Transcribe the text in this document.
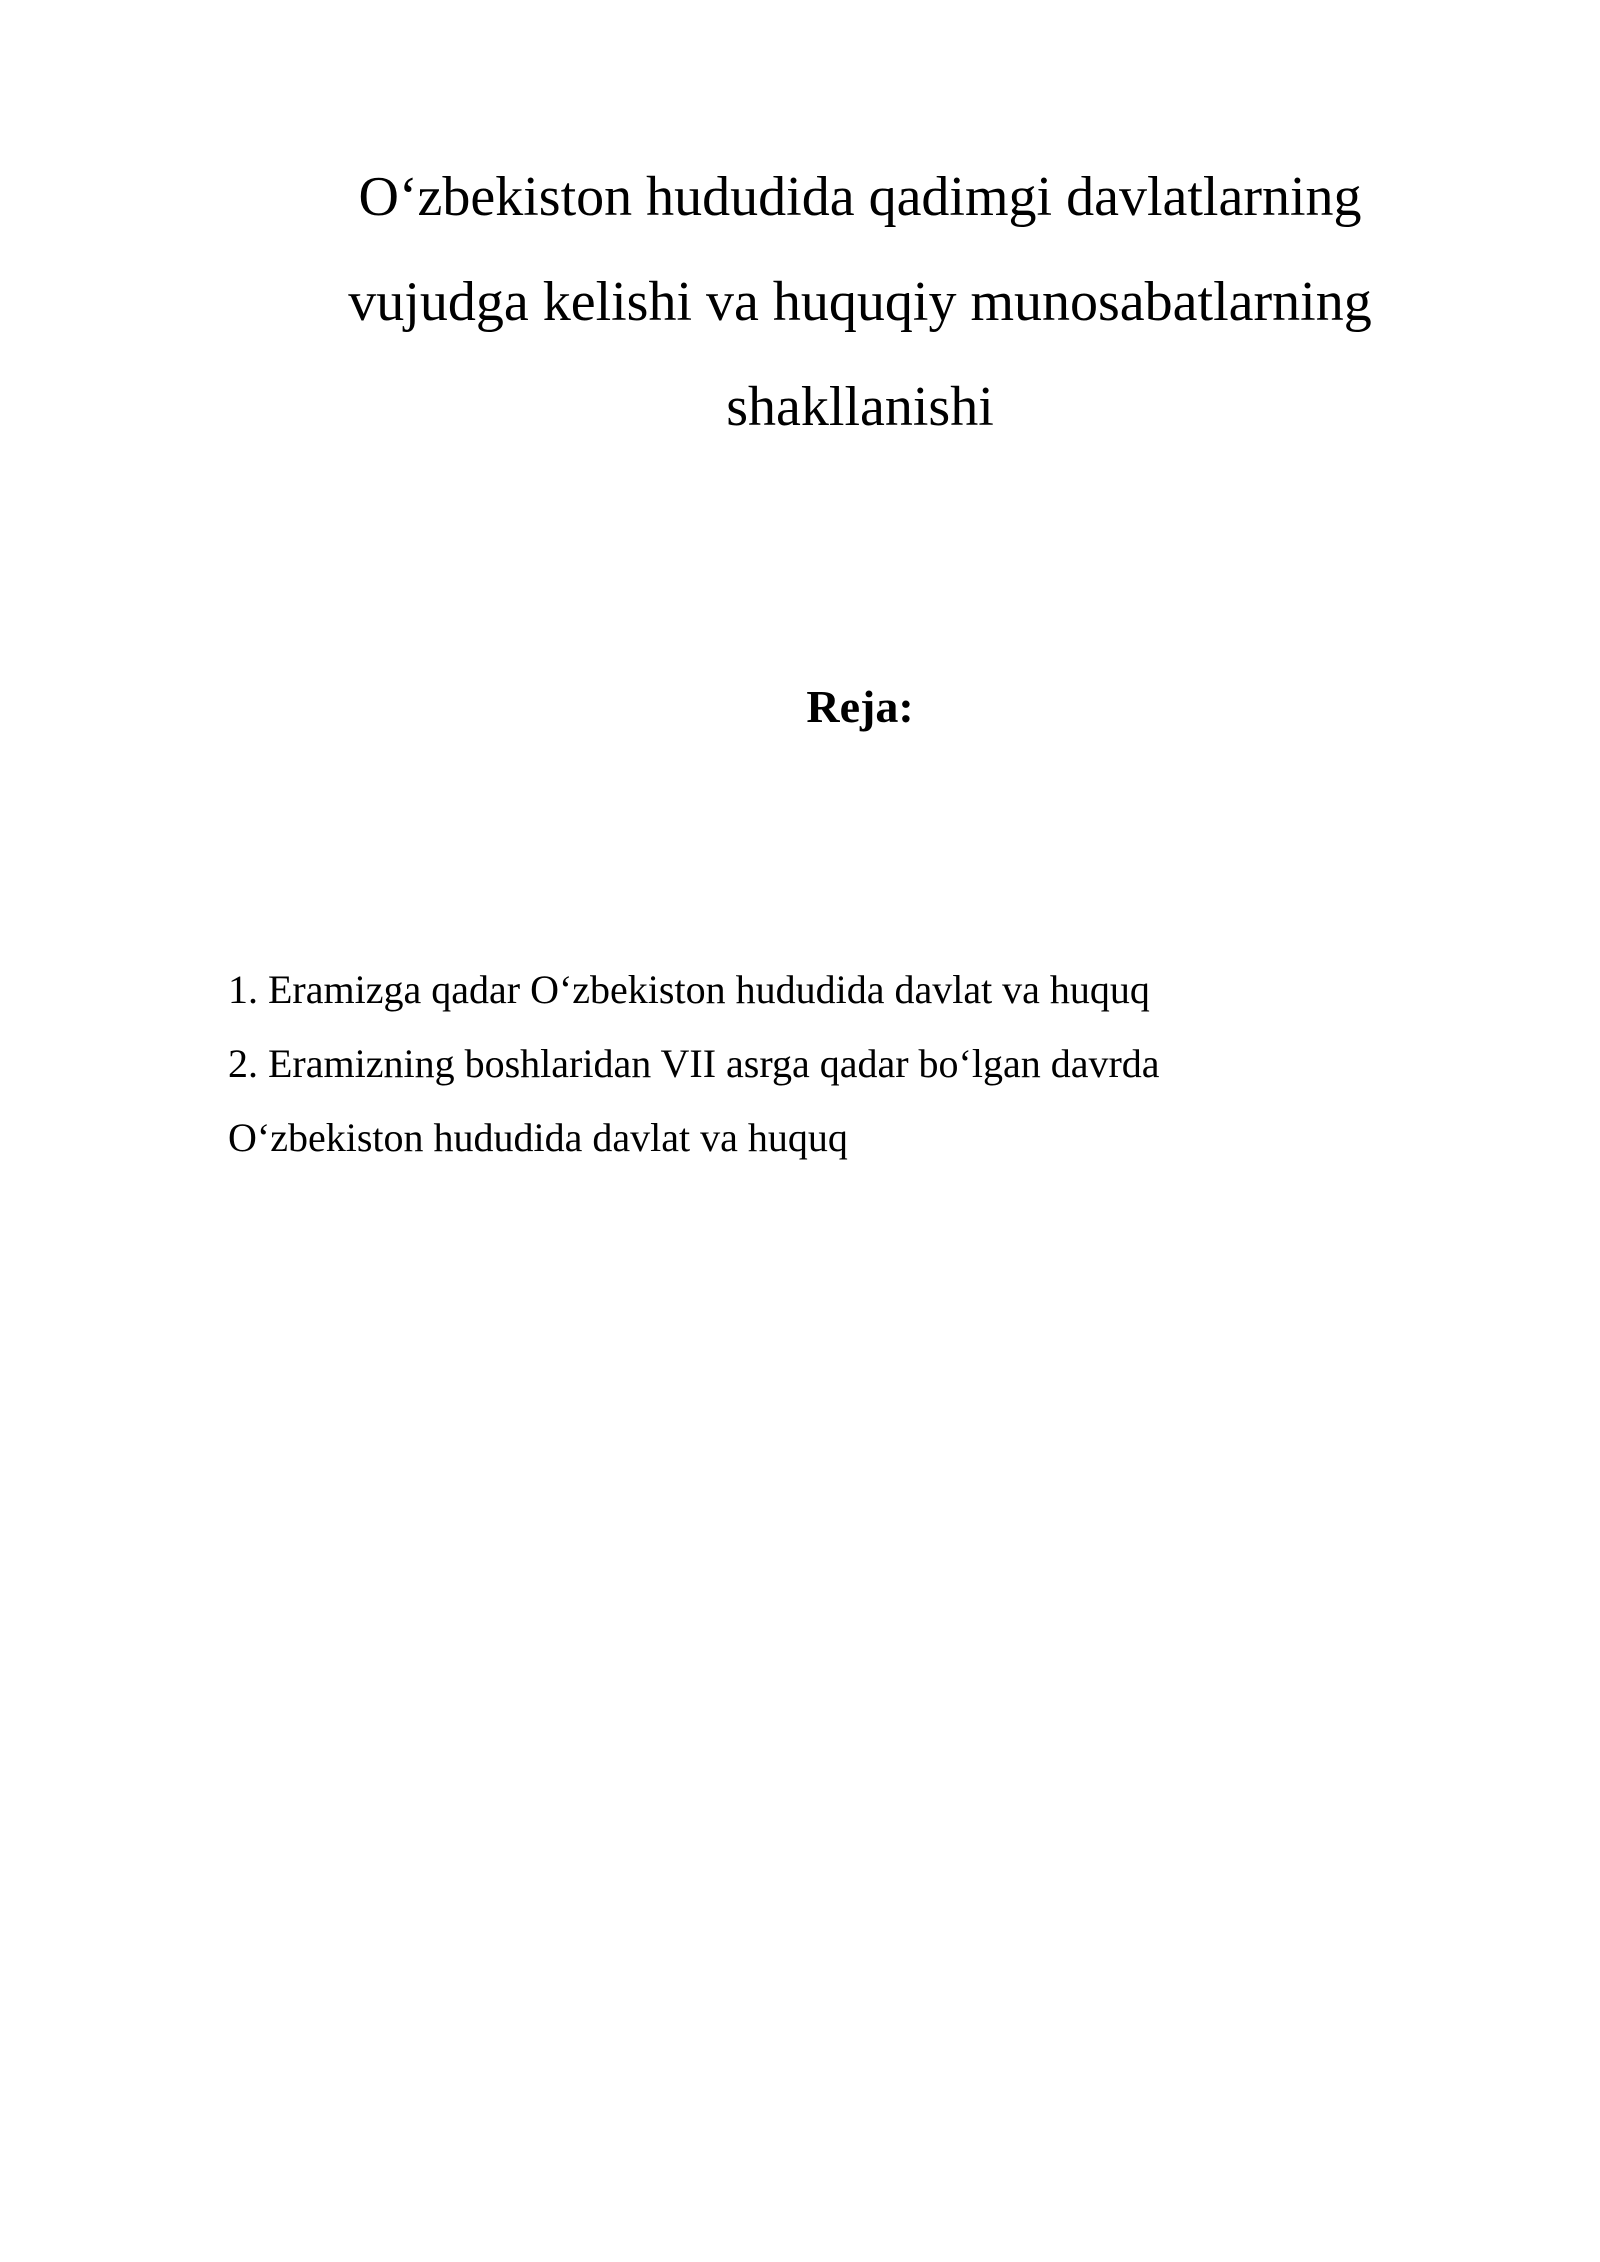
O‘zbekiston hududida qadimgi davlatlarning
vujudga kelishi va huquqiy munosabatlarning
shakllanishi
Reja:
1. Eramizga qadar O‘zbekiston hududida davlat va huquq
2. Eramizning boshlaridan VII asrga qadar bo‘lgan davrda
O‘zbekiston hududida davlat va huquq
